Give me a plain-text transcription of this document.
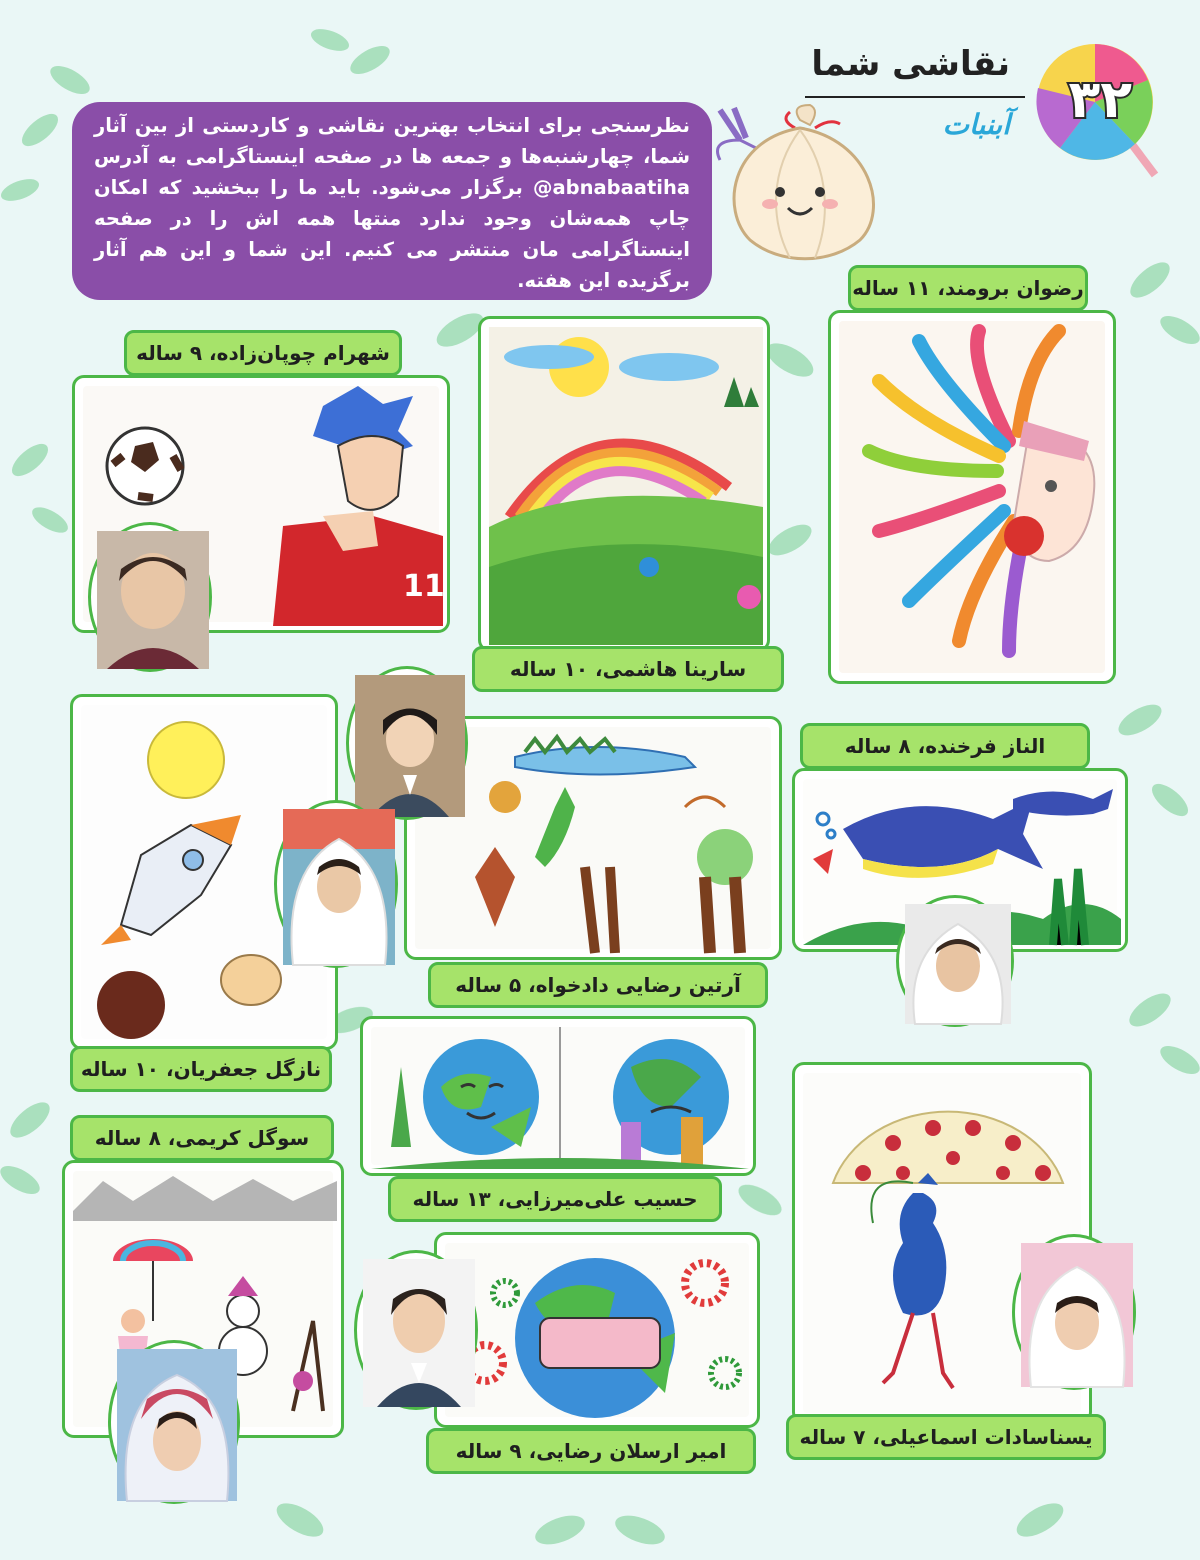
نقاشی شما
۳۲
آبنبات
نظرسنجی برای انتخاب بهترین نقاشی و کاردستی از بین آثار شما، چهارشنبه‌ها و جمعه ها در صفحه اینستاگرامی به آدرس abnabaatiha@ برگزار می‌شود. باید ما را ببخشید که امکان چاپ همه‌شان وجود ندارد منتها همه اش را در صفحه اینستاگرامی مان منتشر می کنیم. این شما و این هم آثار برگزیده این هفته.	رضوان برومند، ۱۱ ساله
شهرام چوپان‌زاده، ۹ ساله
11
سارینا هاشمی، ۱۰ ساله
الناز فرخنده، ۸ ساله
آرتین رضایی دادخواه، ۵ ساله
نازگل جعفریان، ۱۰ ساله
حسیب علی‌میرزایی، ۱۳ ساله
سوگل کریمی، ۸ ساله
امیر ارسلان رضایی، ۹ ساله
یسناسادات اسماعیلی، ۷ ساله
